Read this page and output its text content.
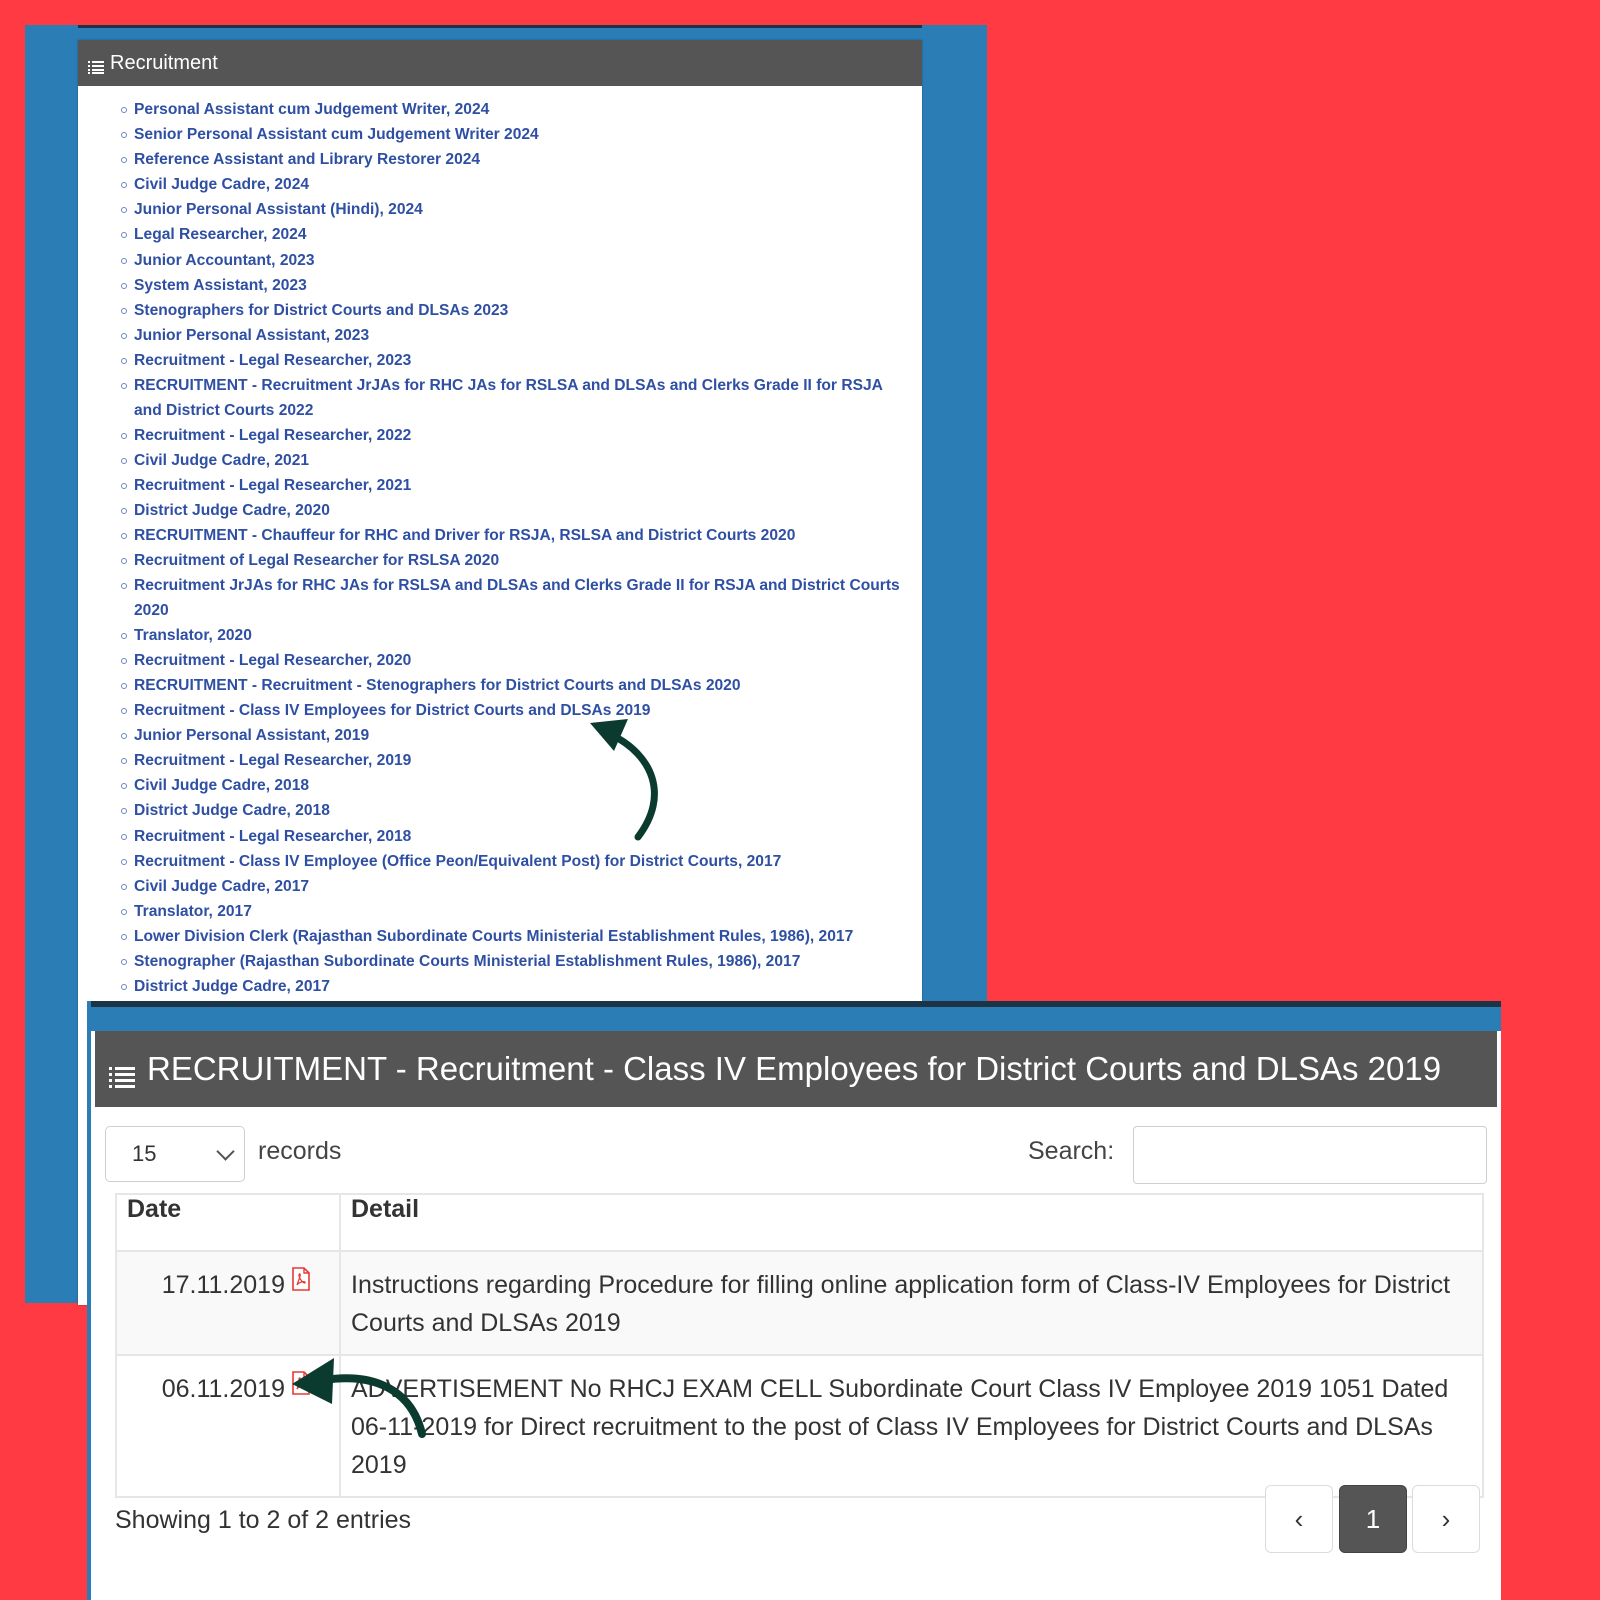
Recruitment
Personal Assistant cum Judgement Writer, 2024
Senior Personal Assistant cum Judgement Writer 2024
Reference Assistant and Library Restorer 2024
Civil Judge Cadre, 2024
Junior Personal Assistant (Hindi), 2024
Legal Researcher, 2024
Junior Accountant, 2023
System Assistant, 2023
Stenographers for District Courts and DLSAs 2023
Junior Personal Assistant, 2023
Recruitment - Legal Researcher, 2023
RECRUITMENT - Recruitment JrJAs for RHC JAs for RSLSA and DLSAs and Clerks Grade II for RSJA and District Courts 2022
Recruitment - Legal Researcher, 2022
Civil Judge Cadre, 2021
Recruitment - Legal Researcher, 2021
District Judge Cadre, 2020
RECRUITMENT - Chauffeur for RHC and Driver for RSJA, RSLSA and District Courts 2020
Recruitment of Legal Researcher for RSLSA 2020
Recruitment JrJAs for RHC JAs for RSLSA and DLSAs and Clerks Grade II for RSJA and District Courts 2020
Translator, 2020
Recruitment - Legal Researcher, 2020
RECRUITMENT - Recruitment - Stenographers for District Courts and DLSAs 2020
Recruitment - Class IV Employees for District Courts and DLSAs 2019
Junior Personal Assistant, 2019
Recruitment - Legal Researcher, 2019
Civil Judge Cadre, 2018
District Judge Cadre, 2018
Recruitment - Legal Researcher, 2018
Recruitment - Class IV Employee (Office Peon/Equivalent Post) for District Courts, 2017
Civil Judge Cadre, 2017
Translator, 2017
Lower Division Clerk (Rajasthan Subordinate Courts Ministerial Establishment Rules, 1986), 2017
Stenographer (Rajasthan Subordinate Courts Ministerial Establishment Rules, 1986), 2017
District Judge Cadre, 2017
RECRUITMENT - Recruitment - Class IV Employees for District Courts and DLSAs 2019
15	records	Search:
Date	Detail
17.11.2019	Instructions regarding Procedure for filling online application form of Class-IV Employees for District Courts and DLSAs 2019
06.11.2019	ADVERTISEMENT No RHCJ EXAM CELL Subordinate Court Class IV Employee 2019 1051 Dated 06-11-2019 for Direct recruitment to the post of Class IV Employees for District Courts and DLSAs 2019
Showing 1 to 2 of 2 entries	‹	1	›
